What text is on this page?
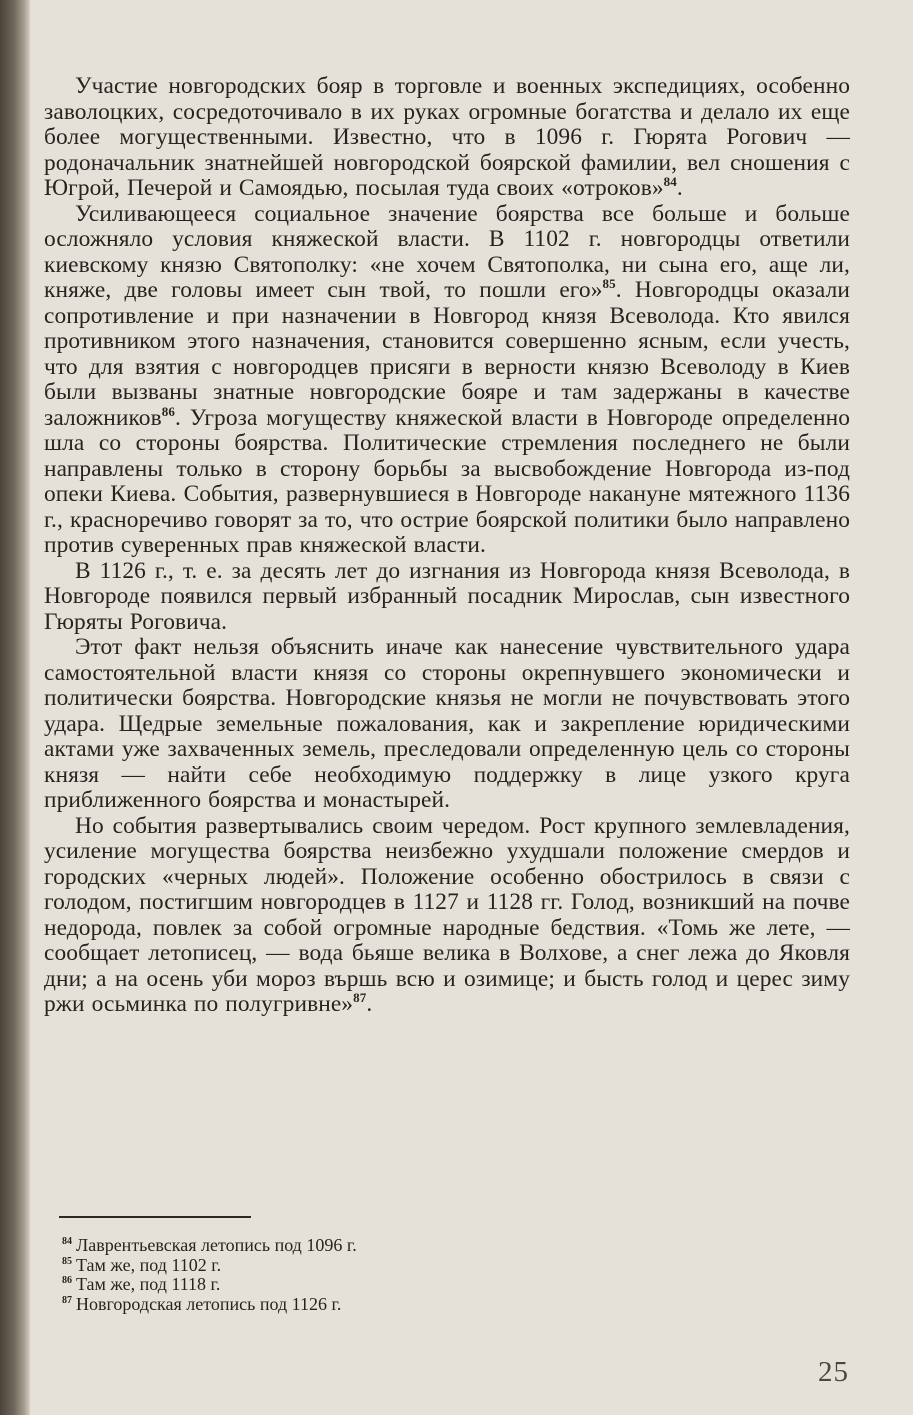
Участие новгородских бояр в торговле и военных экспедициях, особенно заволоцких, сосредоточивало в их руках огромные богатства и делало их еще более могущественными. Известно, что в 1096 г. Гюрята Рогович — родоначальник знатнейшей новгородской боярской фамилии, вел сношения с Югрой, Печерой и Самоядью, посылая туда своих «отроков»$^{84}$.

Усиливающееся социальное значение боярства все больше и больше осложняло условия княжеской власти. В 1102 г. новгородцы ответили киевскому князю Святополку: «не хочем Святополка, ни сына его, аще ли, княже, две головы имеет сын твой, то пошли его»$^{85}$. Новгородцы оказали сопротивление и при назначении в Новгород князя Всеволода. Кто явился противником этого назначения, становится совершенно ясным, если учесть, что для взятия с новгородцев присяги в верности князю Всеволоду в Киев были вызваны знатные новгородские бояре и там задержаны в качестве заложников$^{86}$. Угроза могуществу княжеской власти в Новгороде определенно шла со стороны боярства. Политические стремления последнего не были направлены только в сторону борьбы за высвобождение Новгорода из-под опеки Киева. События, развернувшиеся в Новгороде накануне мятежного 1136 г., красноречиво говорят за то, что острие боярской политики было направлено против суверенных прав княжеской власти.

В 1126 г., т. е. за десять лет до изгнания из Новгорода князя Всеволода, в Новгороде появился первый избранный посадник Мирослав, сын известного Гюряты Роговича.

Этот факт нельзя объяснить иначе как нанесение чувствительного удара самостоятельной власти князя со стороны окрепнувшего экономически и политически боярства. Новгородские князья не могли не почувствовать этого удара. Щедрые земельные пожалования, как и закрепление юридическими актами уже захваченных земель, преследовали определенную цель со стороны князя — найти себе необходимую поддержку в лице узкого круга приближенного боярства и монастырей.

Но события развертывались своим чередом. Рост крупного землевладения, усиление могущества боярства неизбежно ухудшали положение смердов и городских «черных людей». Положение особенно обострилось в связи с голодом, постигшим новгородцев в 1127 и 1128 гг. Голод, возникший на почве недорода, повлек за собой огромные народные бедствия. «Томь же лете, — сообщает летописец, — вода бьяше велика в Волхове, а снег лежа до Яковля дни; а на осень уби мороз вършь всю и озимице; и бысть голод и церес зиму ржи осьминка по полугривне»$^{87}$.

$^{84}$ Лаврентьевская летопись под 1096 г.
$^{85}$ Там же, под 1102 г.
$^{86}$ Там же, под 1118 г.
$^{87}$ Новгородская летопись под 1126 г.
25
